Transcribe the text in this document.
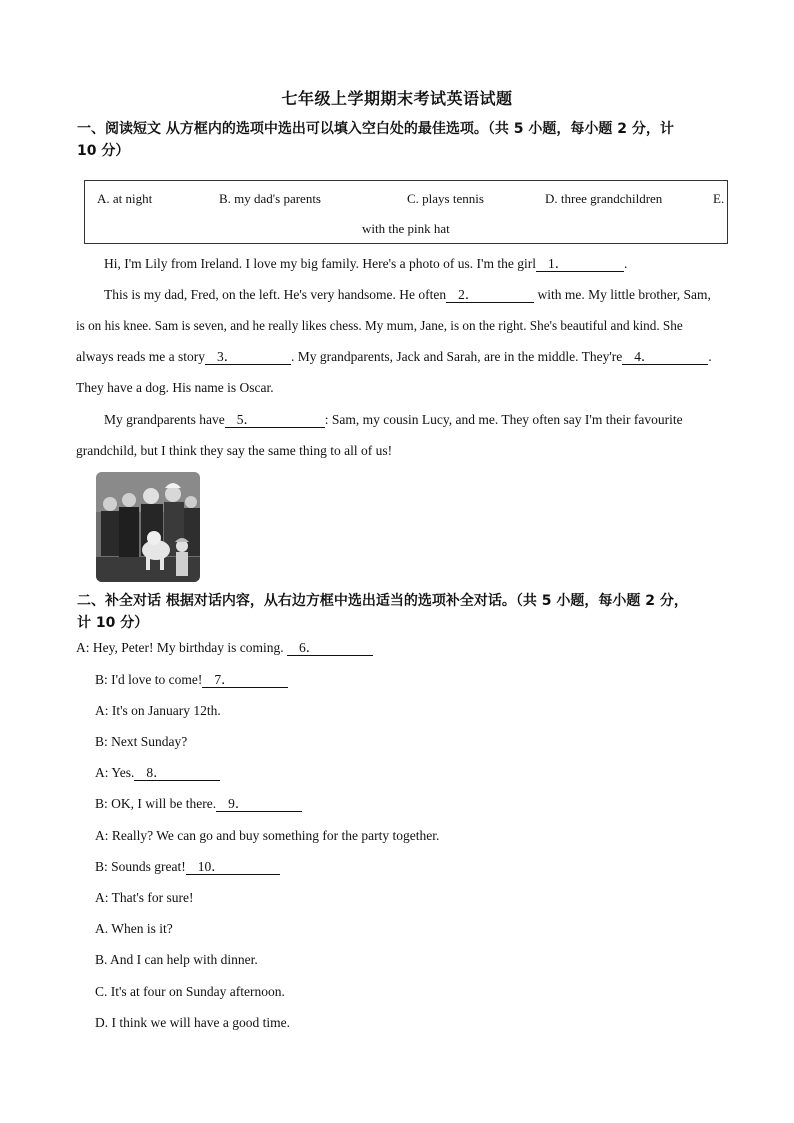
七年级上学期期末考试英语试题
一、阅读短文 从方框内的选项中选出可以填入空白处的最佳选项。（共 5 小题，每小题 2 分，计
10 分）
A. at night	B. my dad's parents	C. plays tennis	D. three grandchildren	E.
with the pink hat
Hi, I'm Lily from Ireland. I love my big family. Here's a photo of us. I'm the girl 1．	.
This is my dad, Fred, on the left. He's very handsome. He often 2．	with me. My little brother, Sam,
is on his knee. Sam is seven, and he really likes chess. My mum, Jane, is on the right. She's beautiful and kind. She
always reads me a story 3．	. My grandparents, Jack and Sarah, are in the middle. They're 4．	.
They have a dog. His name is Oscar.
My grandparents have 5．	: Sam, my cousin Lucy, and me. They often say I'm their favourite
grandchild, but I think they say the same thing to all of us!
二、补全对话 根据对话内容，从右边方框中选出适当的选项补全对话。（共 5 小题，每小题 2 分，
计 10 分）
A: Hey, Peter! My birthday is coming. 6．
B: I'd love to come! 7．
A: It's on January 12th.
B: Next Sunday?
A: Yes. 8．
B: OK, I will be there. 9．
A: Really? We can go and buy something for the party together.
B: Sounds great! 10．
A: That's for sure!
A. When is it?
B. And I can help with dinner.
C. It's at four on Sunday afternoon.
D. I think we will have a good time.
